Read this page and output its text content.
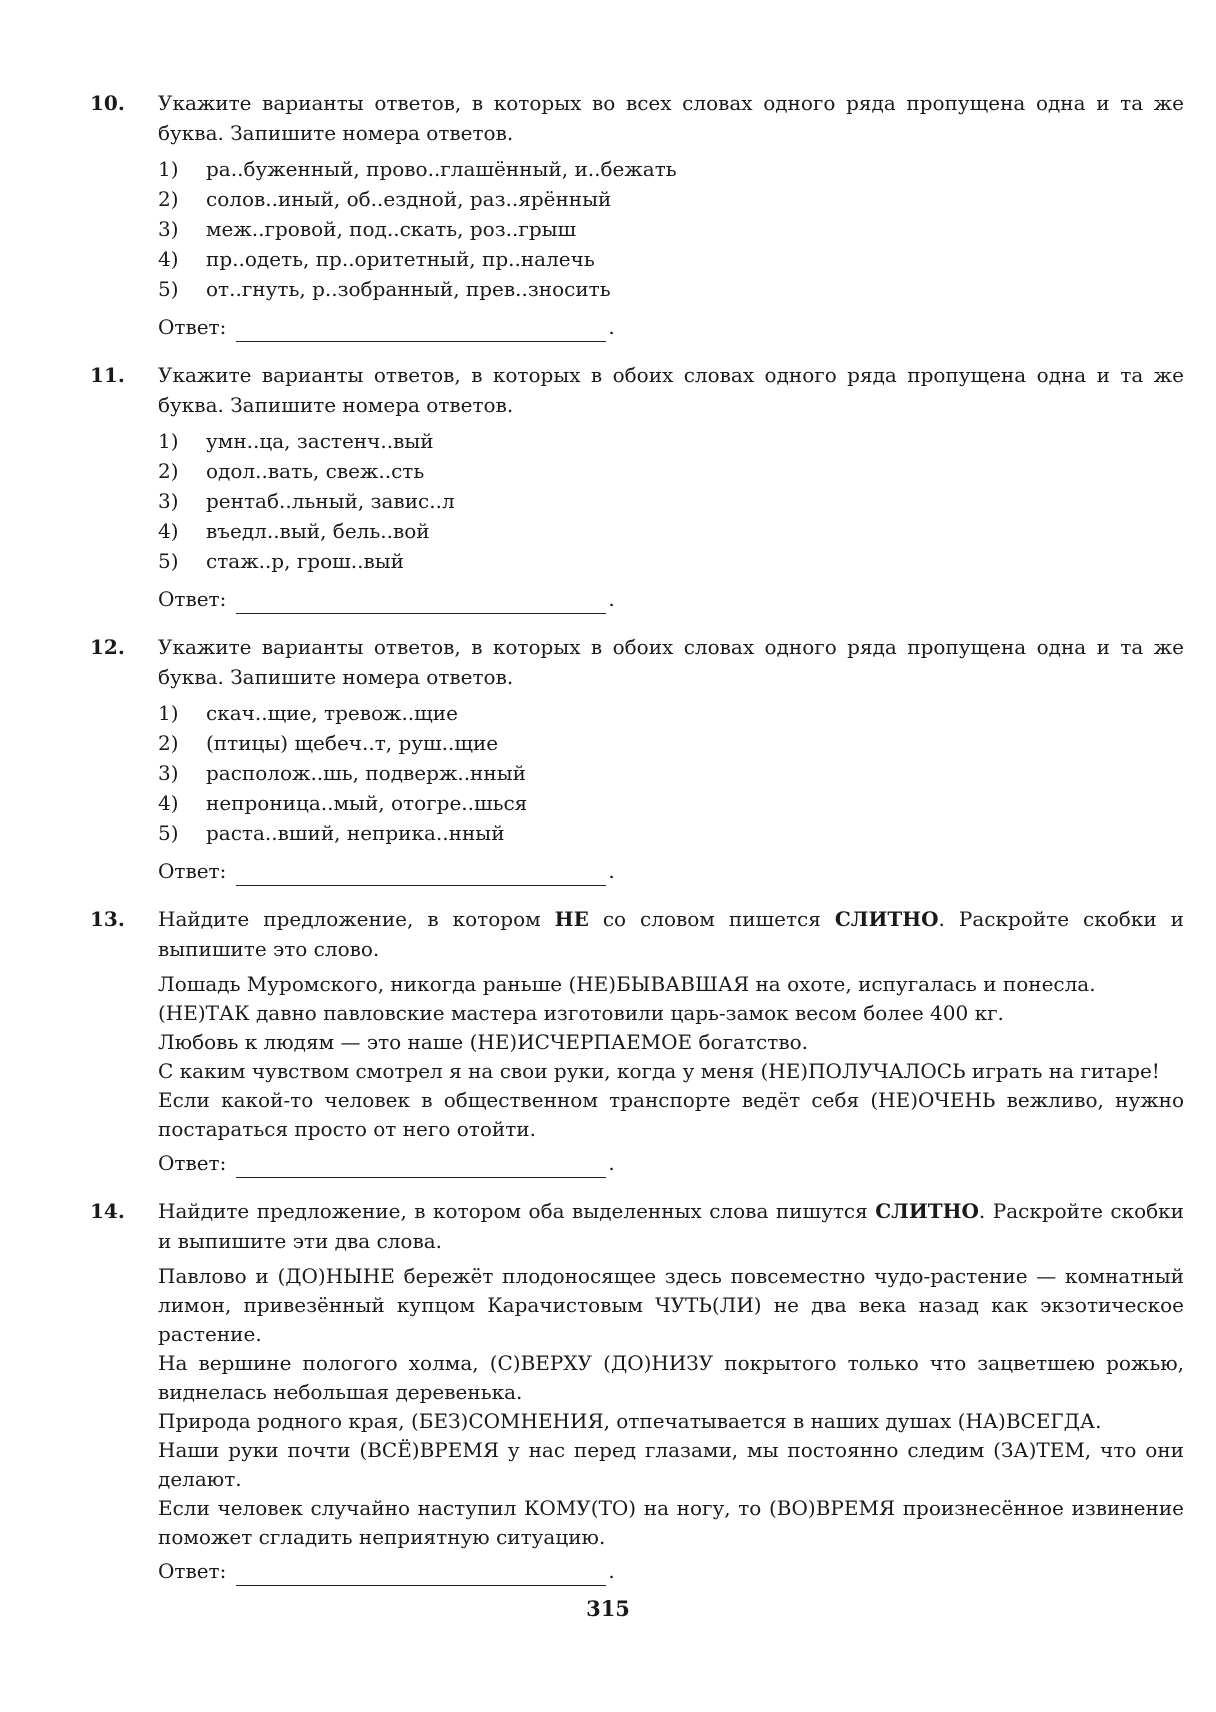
10.	Укажите варианты ответов, в которых во всех словах одного ряда пропущена одна и та же буква. Запишите номера ответов.

1)	ра..буженный, прово..глашённый, и..бежать
2)	солов..иный, об..ездной, раз..ярённый
3)	меж..гровой, под..скать, роз..грыш
4)	пр..одеть, пр..оритетный, пр..налечь
5)	от..гнуть, р..зобранный, прев..зносить
Ответ:	.
11.	Укажите варианты ответов, в которых в обоих словах одного ряда пропущена одна и та же буква. Запишите номера ответов.

1)	умн..ца, застенч..вый
2)	одол..вать, свеж..сть
3)	рентаб..льный, завис..л
4)	въедл..вый, бель..вой
5)	стаж..р, грош..вый
Ответ:	.
12.	Укажите варианты ответов, в которых в обоих словах одного ряда пропущена одна и та же буква. Запишите номера ответов.

1)	скач..щие, тревож..щие
2)	(птицы) щебеч..т, руш..щие
3)	располож..шь, подверж..нный
4)	непроница..мый, отогре..шься
5)	раста..вший, неприка..нный
Ответ:	.
13.	Найдите предложение, в котором НЕ со словом пишется СЛИТНО. Раскройте скобки и выпишите это слово.

Лошадь Муромского, никогда раньше (НЕ)БЫВАВШАЯ на охоте, испугалась и понесла.

(НЕ)ТАК давно павловские мастера изготовили царь-замок весом более 400 кг.

Любовь к людям — это наше (НЕ)ИСЧЕРПАЕМОЕ богатство.

С каким чувством смотрел я на свои руки, когда у меня (НЕ)ПОЛУЧАЛОСЬ играть на гитаре!

Если какой-то человек в общественном транспорте ведёт себя (НЕ)ОЧЕНЬ вежливо, нужно постараться просто от него отойти.

Ответ:	.
14.	Найдите предложение, в котором оба выделенных слова пишутся СЛИТНО. Раскройте скобки и выпишите эти два слова.

Павлово и (ДО)НЫНЕ бережёт плодоносящее здесь повсеместно чудо-растение — комнатный лимон, привезённый купцом Карачистовым ЧУТЬ(ЛИ) не два века назад как экзотическое растение.

На вершине пологого холма, (С)ВЕРХУ (ДО)НИЗУ покрытого только что зацветшею рожью, виднелась небольшая деревенька.

Природа родного края, (БЕЗ)СОМНЕНИЯ, отпечатывается в наших душах (НА)ВСЕГДА.

Наши руки почти (ВСЁ)ВРЕМЯ у нас перед глазами, мы постоянно следим (ЗА)ТЕМ, что они делают.

Если человек случайно наступил КОМУ(ТО) на ногу, то (ВО)ВРЕМЯ произнесённое извинение поможет сгладить неприятную ситуацию.

Ответ:	.
315
